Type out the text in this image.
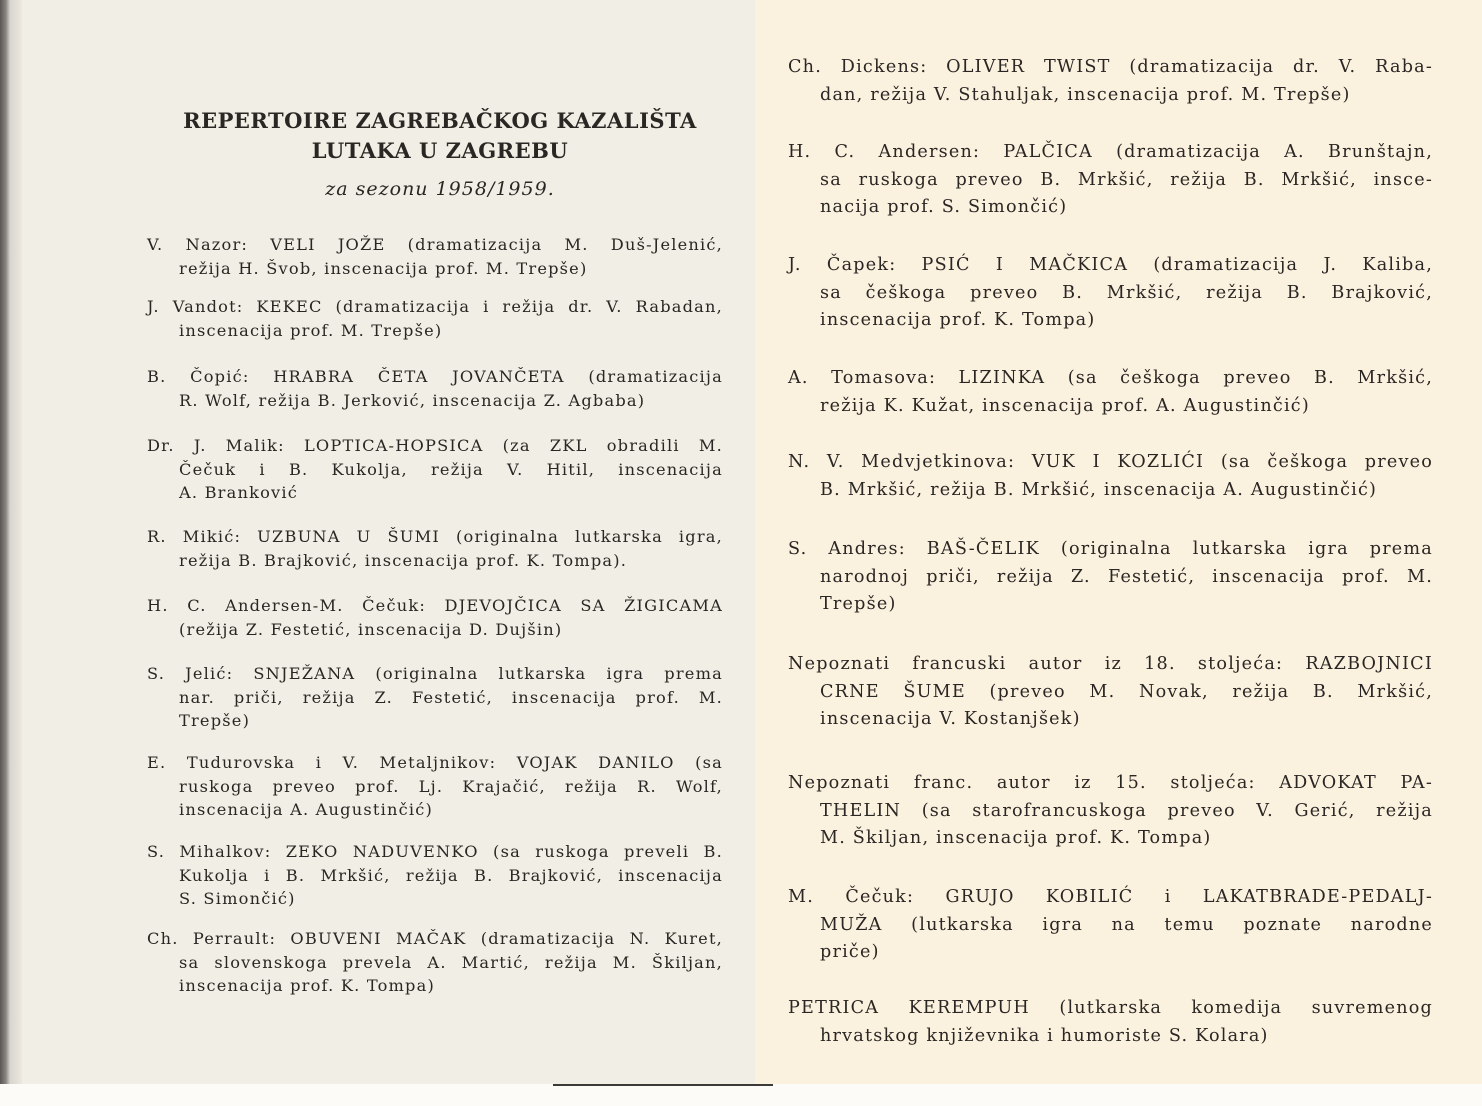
REPERTOIRE ZAGREBAČKOG KAZALIŠTA
LUTAKA U ZAGREBU
za sezonu 1958/1959.
V. Nazor: VELI JOŽE (dramatizacija M. Duš-Jelenić,
režija H. Švob, inscenacija prof. M. Trepše)
J. Vandot: KEKEC (dramatizacija i režija dr. V. Rabadan,
inscenacija prof. M. Trepše)
B. Čopić: HRABRA ČETA JOVANČETA (dramatizacija
R. Wolf, režija B. Jerković, inscenacija Z. Agbaba)
Dr. J. Malik: LOPTICA-HOPSICA (za ZKL obradili M.
Čečuk i B. Kukolja, režija V. Hitil, inscenacija
A. Branković
R. Mikić: UZBUNA U ŠUMI (originalna lutkarska igra,
režija B. Brajković, inscenacija prof. K. Tompa).
H. C. Andersen-M. Čečuk: DJEVOJČICA SA ŽIGICAMA
(režija Z. Festetić, inscenacija D. Dujšin)
S. Jelić: SNJEŽANA (originalna lutkarska igra prema
nar. priči, režija Z. Festetić, inscenacija prof. M.
Trepše)
E. Tudurovska i V. Metaljnikov: VOJAK DANILO (sa
ruskoga preveo prof. Lj. Krajačić, režija R. Wolf,
inscenacija A. Augustinčić)
S. Mihalkov: ZEKO NADUVENKO (sa ruskoga preveli B.
Kukolja i B. Mrkšić, režija B. Brajković, inscenacija
S. Simončić)
Ch. Perrault: OBUVENI MAČAK (dramatizacija N. Kuret,
sa slovenskoga prevela A. Martić, režija M. Škiljan,
inscenacija prof. K. Tompa)
Ch. Dickens: OLIVER TWIST (dramatizacija dr. V. Raba-
dan, režija V. Stahuljak, inscenacija prof. M. Trepše)
H. C. Andersen: PALČICA (dramatizacija A. Brunštajn,
sa ruskoga preveo B. Mrkšić, režija B. Mrkšić, insce-
nacija prof. S. Simončić)
J. Čapek: PSIĆ I MAČKICA (dramatizacija J. Kaliba,
sa češkoga preveo B. Mrkšić, režija B. Brajković,
inscenacija prof. K. Tompa)
A. Tomasova: LIZINKA (sa češkoga preveo B. Mrkšić,
režija K. Kužat, inscenacija prof. A. Augustinčić)
N. V. Medvjetkinova: VUK I KOZLIĆI (sa češkoga preveo
B. Mrkšić, režija B. Mrkšić, inscenacija A. Augustinčić)
S. Andres: BAŠ-ČELIK (originalna lutkarska igra prema
narodnoj priči, režija Z. Festetić, inscenacija prof. M.
Trepše)
Nepoznati francuski autor iz 18. stoljeća: RAZBOJNICI
CRNE ŠUME (preveo M. Novak, režija B. Mrkšić,
inscenacija V. Kostanjšek)
Nepoznati franc. autor iz 15. stoljeća: ADVOKAT PA-
THELIN (sa starofrancuskoga preveo V. Gerić, režija
M. Škiljan, inscenacija prof. K. Tompa)
M. Čečuk: GRUJO KOBILIĆ i LAKATBRADE-PEDALJ-
MUŽA (lutkarska igra na temu poznate narodne
priče)
PETRICA KEREMPUH (lutkarska komedija suvremenog
hrvatskog književnika i humoriste S. Kolara)
